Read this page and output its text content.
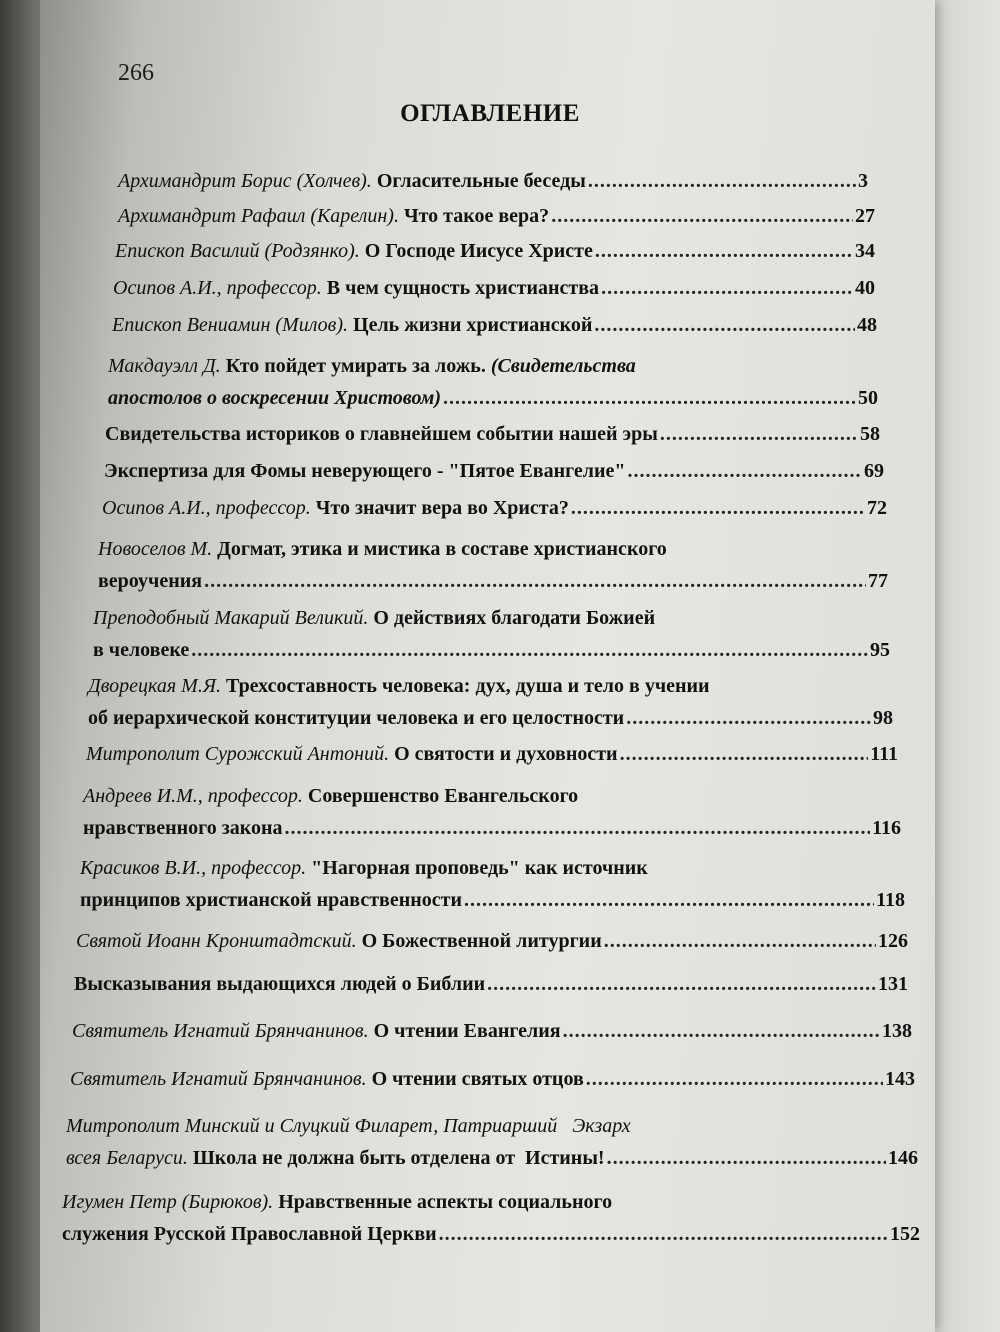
266
ОГЛАВЛЕНИЕ
Архимандрит Борис (Холчев).
Огласительные беседы .....	3
Архимандрит Рафаил (Карелин).
Что такое вера? .....	27
Епископ Василий (Родзянко).
О Господе Иисусе Христе .....	34
Осипов А.И., профессор.
В чем сущность христианства .....	40
Епископ Вениамин (Милов).
Цель жизни христианской .....	48
Макдауэлл Д.
Кто пойдет умирать за ложь.
(Свидетельства
апостолов о воскресении Христовом) .....	50
Свидетельства историков о главнейшем событии нашей эры .....	58
Экспертиза для Фомы неверующего - "Пятое Евангелие" .....	69
Осипов А.И., профессор.
Что значит вера во Христа? .....	72
Новоселов М.
Догмат, этика и мистика в составе христианского
вероучения .....	77
Преподобный Макарий Великий.
О действиях благодати Божией
в человеке .....	95
Дворецкая М.Я.
Трехсоставность человека: дух, душа и тело в учении
об иерархической конституции человека и его целостности .....	98
Митрополит Сурожский Антоний.
О святости и духовности .....	111
Андреев И.М., профессор.
Совершенство Евангельского
нравственного закона .....	116
Красиков В.И., профессор.
"Нагорная проповедь" как источник
принципов христианской нравственности .....	118
Святой Иоанн Кронштадтский.
О Божественной литургии .....	126
Высказывания выдающихся людей о Библии .....	131
Святитель Игнатий Брянчанинов.
О чтении Евангелия .....	138
Святитель Игнатий Брянчанинов.
О чтении святых отцов .....	143
Митрополит Минский и Слуцкий Филарет, Патриарший   Экзарх
всея Беларуси.
Школа не должна быть отделена от  Истины! .....	146
Игумен Петр (Бирюков).
Нравственные аспекты социального
служения Русской Православной Церкви .....	152
